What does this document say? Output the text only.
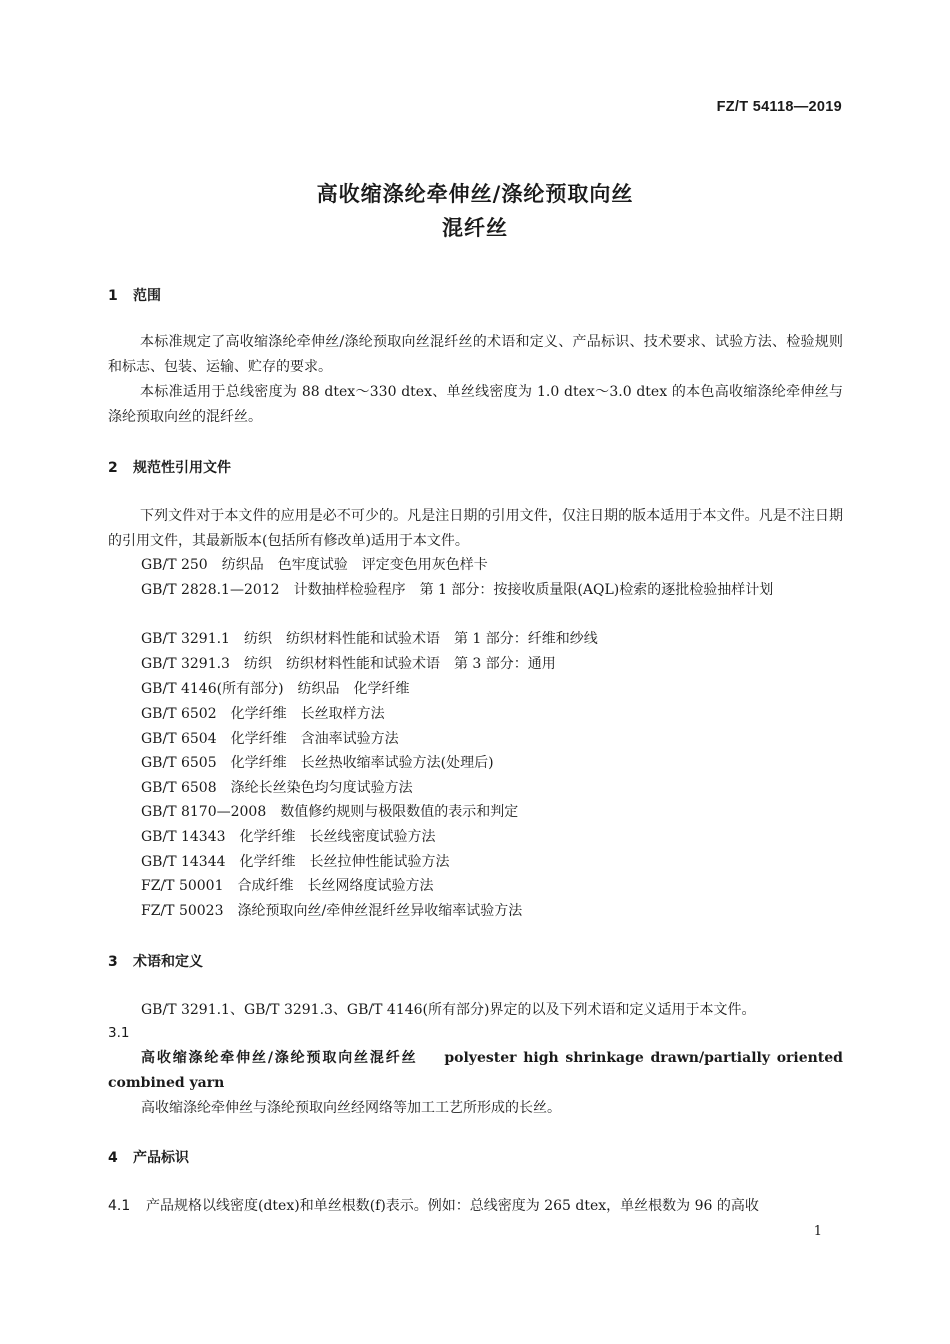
FZ/T 54118—2019
高收缩涤纶牵伸丝/涤纶预取向丝
混纤丝
1 范围
本标准规定了高收缩涤纶牵伸丝/涤纶预取向丝混纤丝的术语和定义、产品标识、技术要求、试验方法、检验规则和标志、包装、运输、贮存的要求。
本标准适用于总线密度为 88 dtex～330 dtex、单丝线密度为 1.0 dtex～3.0 dtex 的本色高收缩涤纶牵伸丝与涤纶预取向丝的混纤丝。
2 规范性引用文件
下列文件对于本文件的应用是必不可少的。凡是注日期的引用文件，仅注日期的版本适用于本文件。凡是不注日期的引用文件，其最新版本(包括所有修改单)适用于本文件。
GB/T 250　纺织品　色牢度试验　评定变色用灰色样卡
GB/T 2828.1—2012　计数抽样检验程序　第 1 部分：按接收质量限(AQL)检索的逐批检验抽样计划
GB/T 3291.1　纺织　纺织材料性能和试验术语　第 1 部分：纤维和纱线
GB/T 3291.3　纺织　纺织材料性能和试验术语　第 3 部分：通用
GB/T 4146(所有部分)　纺织品　化学纤维
GB/T 6502　化学纤维　长丝取样方法
GB/T 6504　化学纤维　含油率试验方法
GB/T 6505　化学纤维　长丝热收缩率试验方法(处理后)
GB/T 6508　涤纶长丝染色均匀度试验方法
GB/T 8170—2008　数值修约规则与极限数值的表示和判定
GB/T 14343　化学纤维　长丝线密度试验方法
GB/T 14344　化学纤维　长丝拉伸性能试验方法
FZ/T 50001　合成纤维　长丝网络度试验方法
FZ/T 50023　涤纶预取向丝/牵伸丝混纤丝异收缩率试验方法
3 术语和定义
GB/T 3291.1、GB/T 3291.3、GB/T 4146(所有部分)界定的以及下列术语和定义适用于本文件。
3.1
高收缩涤纶牵伸丝/涤纶预取向丝混纤丝 polyester high shrinkage drawn/partially oriented combined yarn
高收缩涤纶牵伸丝与涤纶预取向丝经网络等加工工艺所形成的长丝。
4 产品标识
4.1 产品规格以线密度(dtex)和单丝根数(f)表示。例如：总线密度为 265 dtex，单丝根数为 96 的高收
1
